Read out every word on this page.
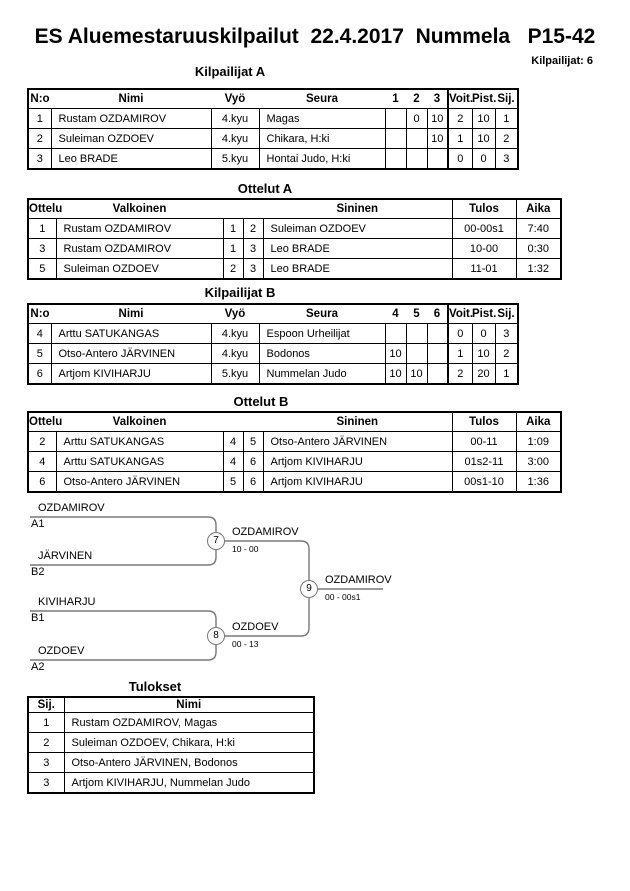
ES Aluemestaruuskilpailut  22.4.2017  Nummela   P15-42
Kilpailijat: 6
Kilpailijat A
N:o	Nimi	Vyö	Seura	1	2	3	Voit.	Pist.	Sij.
1	Rustam OZDAMIROV	4.kyu	Magas		0	10	2	10	1
2	Suleiman OZDOEV	4.kyu	Chikara, H:ki			10	1	10	2
3	Leo BRADE	5.kyu	Hontai Judo, H:ki				0	0	3
Ottelut A
Ottelu	Valkoinen			Sininen	Tulos	Aika
1	Rustam OZDAMIROV	1	2	Suleiman OZDOEV	00-00s1	7:40
3	Rustam OZDAMIROV	1	3	Leo BRADE	10-00	0:30
5	Suleiman OZDOEV	2	3	Leo BRADE	11-01	1:32
Kilpailijat B
N:o	Nimi	Vyö	Seura	4	5	6	Voit.	Pist.	Sij.
4	Arttu SATUKANGAS	4.kyu	Espoon Urheilijat				0	0	3
5	Otso-Antero JÄRVINEN	4.kyu	Bodonos	10			1	10	2
6	Artjom KIVIHARJU	5.kyu	Nummelan Judo	10	10		2	20	1
Ottelut B
Ottelu	Valkoinen			Sininen	Tulos	Aika
2	Arttu SATUKANGAS	4	5	Otso-Antero JÄRVINEN	00-11	1:09
4	Arttu SATUKANGAS	4	6	Artjom KIVIHARJU	01s2-11	3:00
6	Otso-Antero JÄRVINEN	5	6	Artjom KIVIHARJU	00s1-10	1:36
OZDAMIROV
A1
JÄRVINEN
B2
KIVIHARJU
B1
OZDOEV
A2
7
OZDAMIROV
10 - 00
8
OZDOEV
00 - 13
9
OZDAMIROV
00 - 00s1
Tulokset
Sij.	Nimi
1	Rustam OZDAMIROV, Magas
2	Suleiman OZDOEV, Chikara, H:ki
3	Otso-Antero JÄRVINEN, Bodonos
3	Artjom KIVIHARJU, Nummelan Judo
